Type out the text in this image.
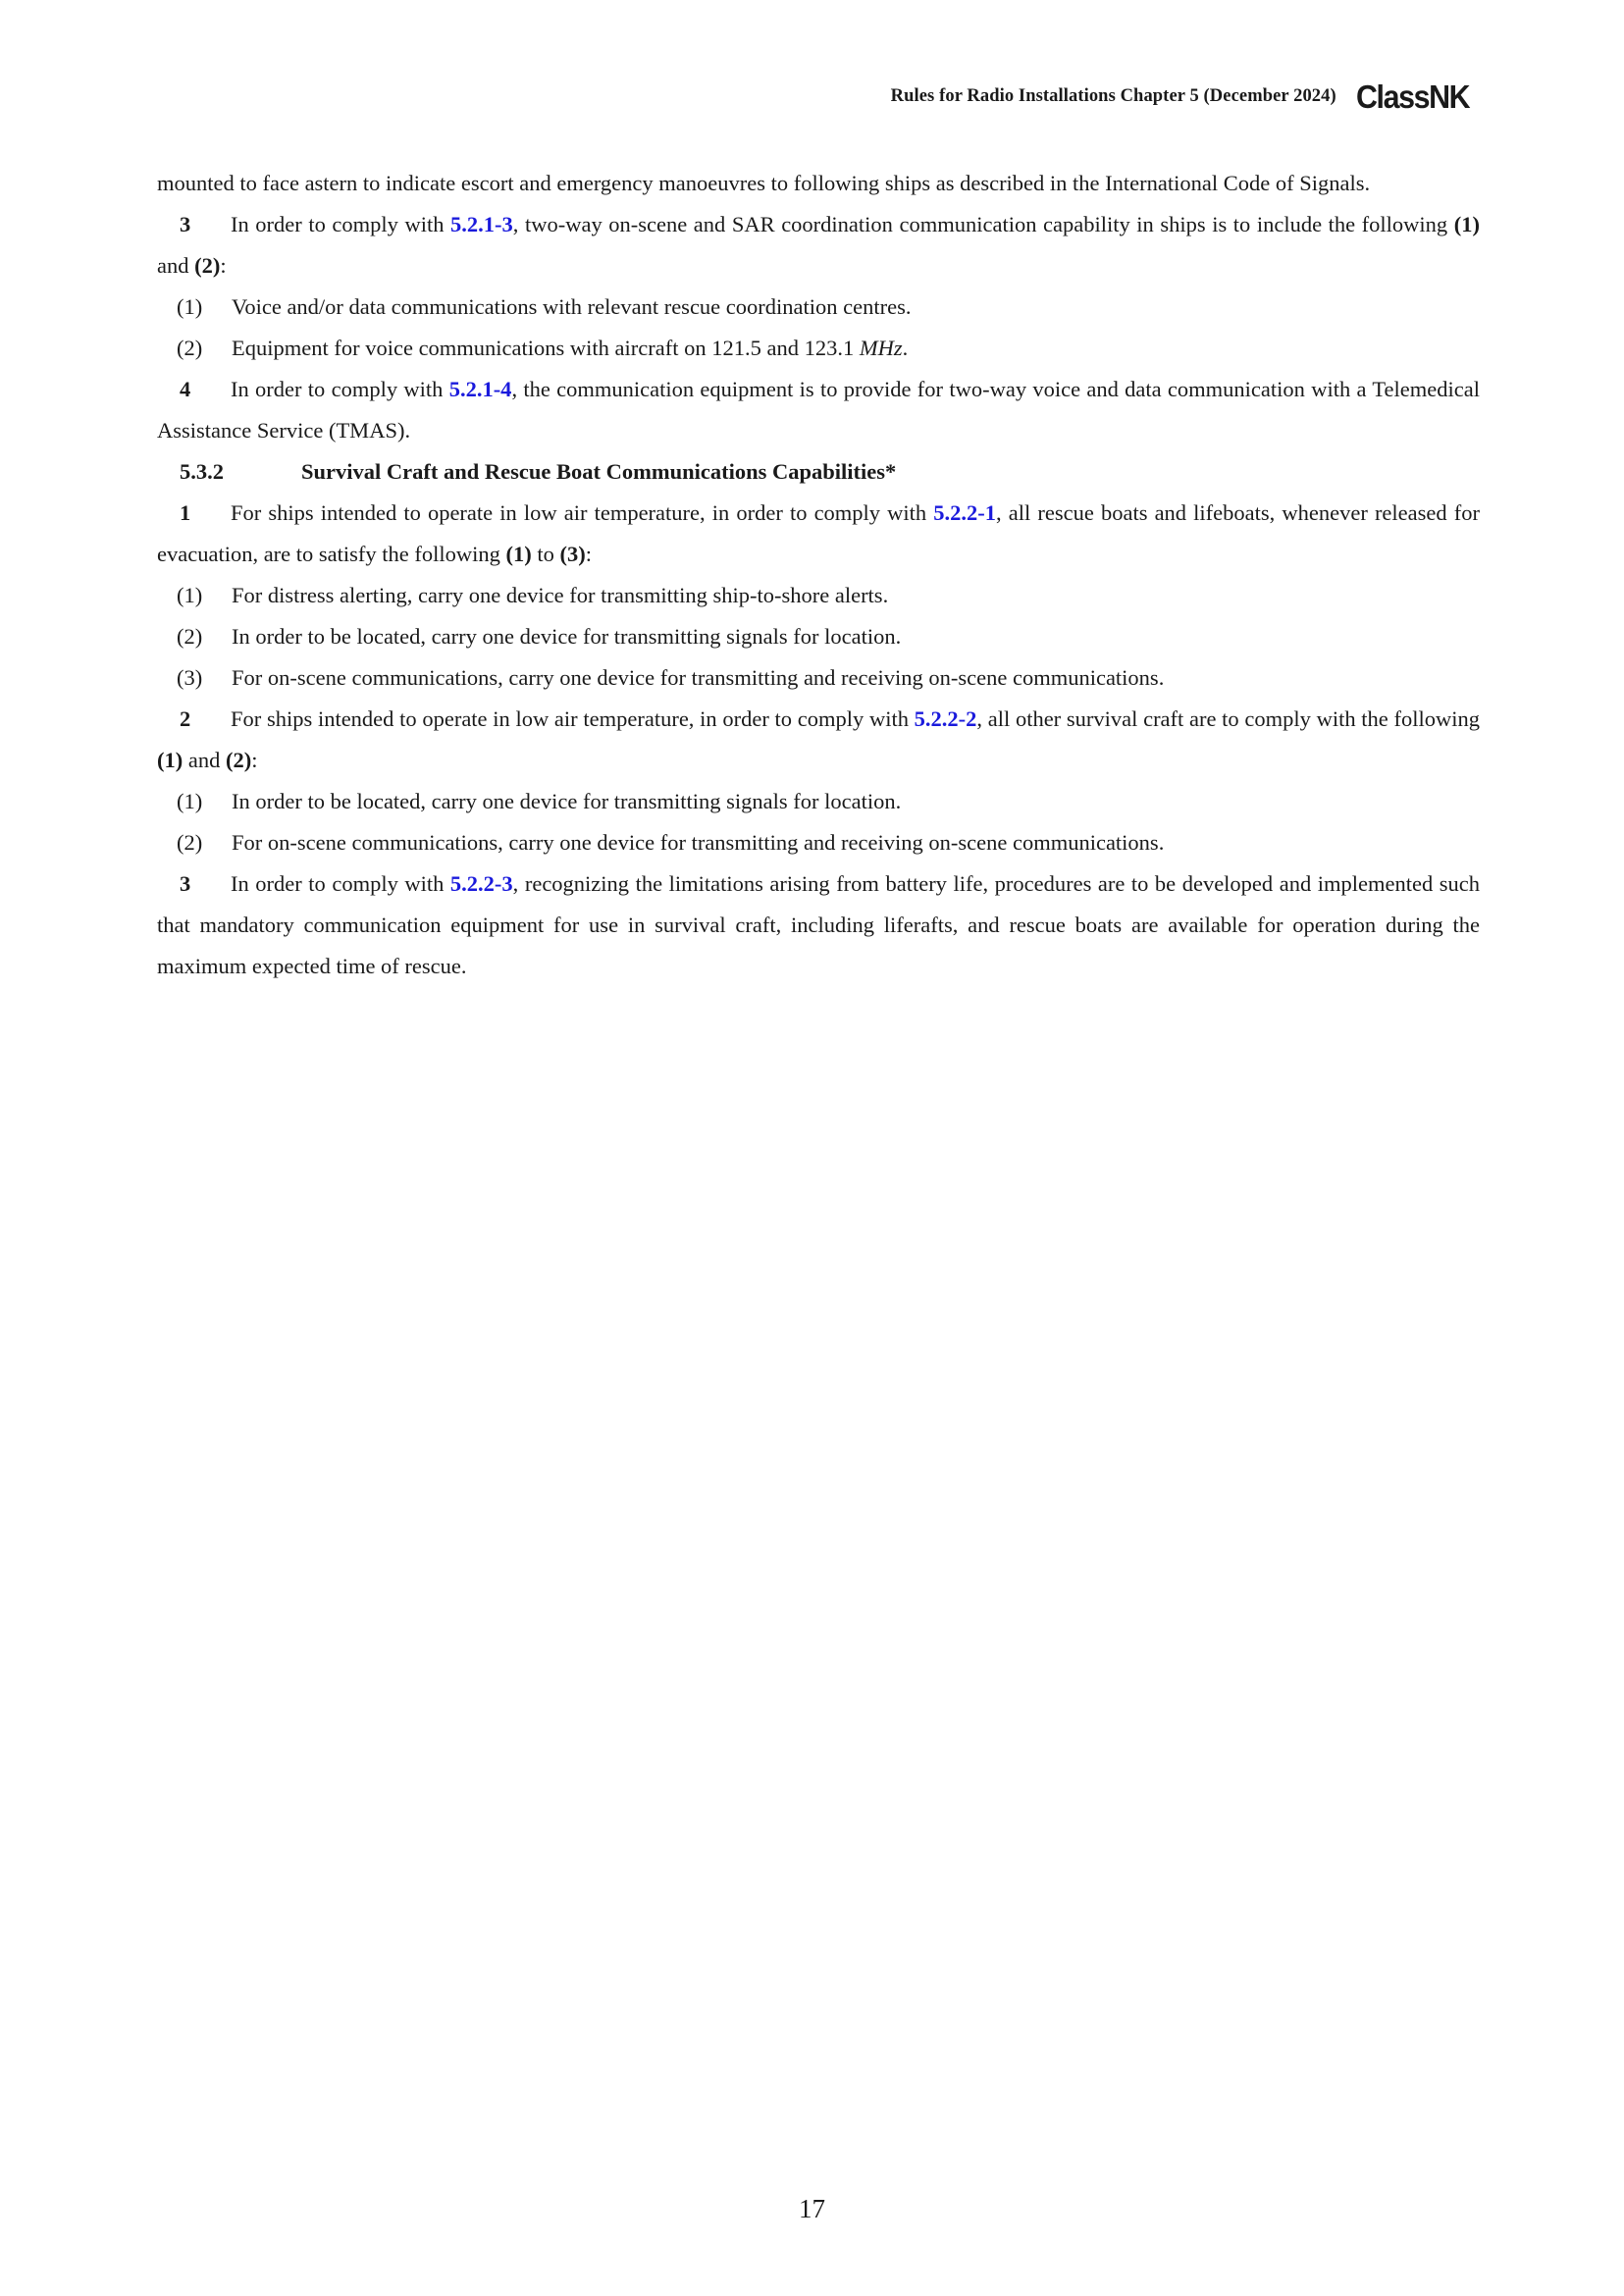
Rules for Radio Installations Chapter 5 (December 2024) ClassNK

mounted to face astern to indicate escort and emergency manoeuvres to following ships as described in the International Code of Signals.

3 In order to comply with 5.2.1-3, two-way on-scene and SAR coordination communication capability in ships is to include the following (1) and (2):

(1) Voice and/or data communications with relevant rescue coordination centres.

(2) Equipment for voice communications with aircraft on 121.5 and 123.1 MHz.

4 In order to comply with 5.2.1-4, the communication equipment is to provide for two-way voice and data communication with a Telemedical Assistance Service (TMAS).

5.3.2	Survival Craft and Rescue Boat Communications Capabilities*

1 For ships intended to operate in low air temperature, in order to comply with 5.2.2-1, all rescue boats and lifeboats, whenever released for evacuation, are to satisfy the following (1) to (3):

(1) For distress alerting, carry one device for transmitting ship-to-shore alerts.

(2) In order to be located, carry one device for transmitting signals for location.

(3) For on-scene communications, carry one device for transmitting and receiving on-scene communications.

2 For ships intended to operate in low air temperature, in order to comply with 5.2.2-2, all other survival craft are to comply with the following (1) and (2):

(1) In order to be located, carry one device for transmitting signals for location.

(2) For on-scene communications, carry one device for transmitting and receiving on-scene communications.

3 In order to comply with 5.2.2-3, recognizing the limitations arising from battery life, procedures are to be developed and implemented such that mandatory communication equipment for use in survival craft, including liferafts, and rescue boats are available for operation during the maximum expected time of rescue.

17
